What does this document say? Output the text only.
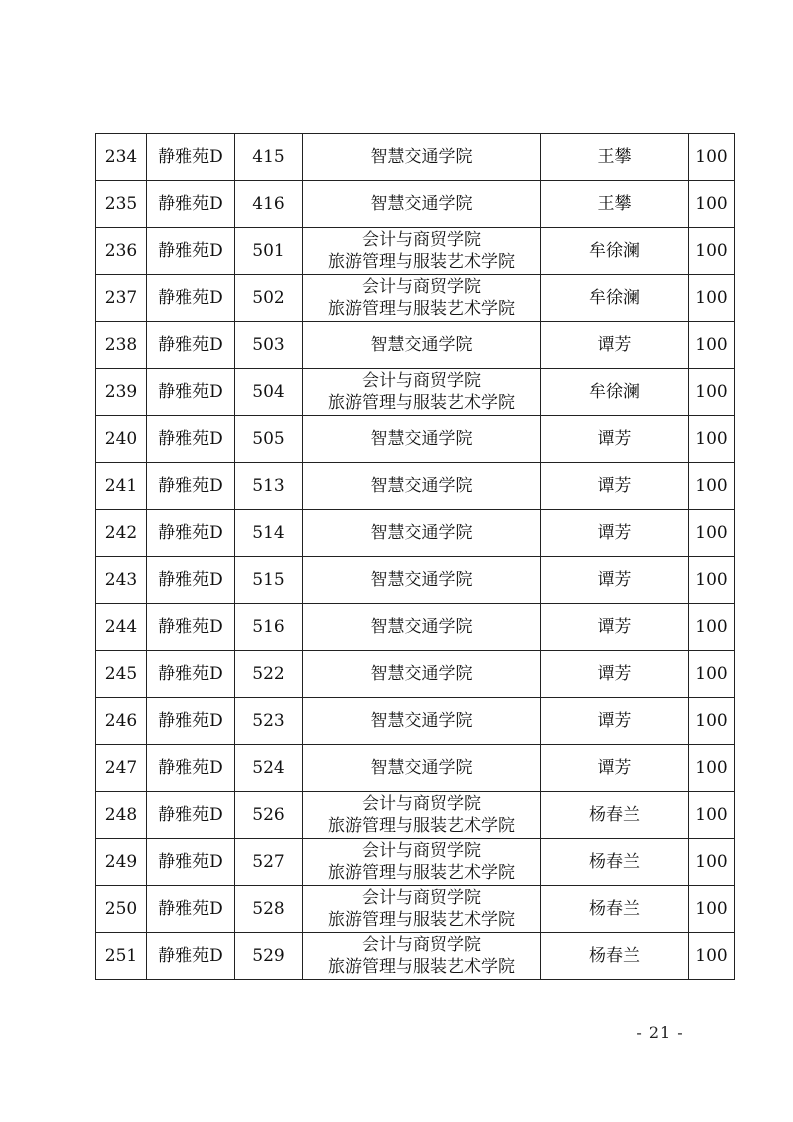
234	静雅苑D	415	智慧交通学院	王攀	100
235	静雅苑D	416	智慧交通学院	王攀	100
236	静雅苑D	501	会计与商贸学院
旅游管理与服装艺术学院	牟徐澜	100
237	静雅苑D	502	会计与商贸学院
旅游管理与服装艺术学院	牟徐澜	100
238	静雅苑D	503	智慧交通学院	谭芳	100
239	静雅苑D	504	会计与商贸学院
旅游管理与服装艺术学院	牟徐澜	100
240	静雅苑D	505	智慧交通学院	谭芳	100
241	静雅苑D	513	智慧交通学院	谭芳	100
242	静雅苑D	514	智慧交通学院	谭芳	100
243	静雅苑D	515	智慧交通学院	谭芳	100
244	静雅苑D	516	智慧交通学院	谭芳	100
245	静雅苑D	522	智慧交通学院	谭芳	100
246	静雅苑D	523	智慧交通学院	谭芳	100
247	静雅苑D	524	智慧交通学院	谭芳	100
248	静雅苑D	526	会计与商贸学院
旅游管理与服装艺术学院	杨春兰	100
249	静雅苑D	527	会计与商贸学院
旅游管理与服装艺术学院	杨春兰	100
250	静雅苑D	528	会计与商贸学院
旅游管理与服装艺术学院	杨春兰	100
251	静雅苑D	529	会计与商贸学院
旅游管理与服装艺术学院	杨春兰	100
- 21 -
